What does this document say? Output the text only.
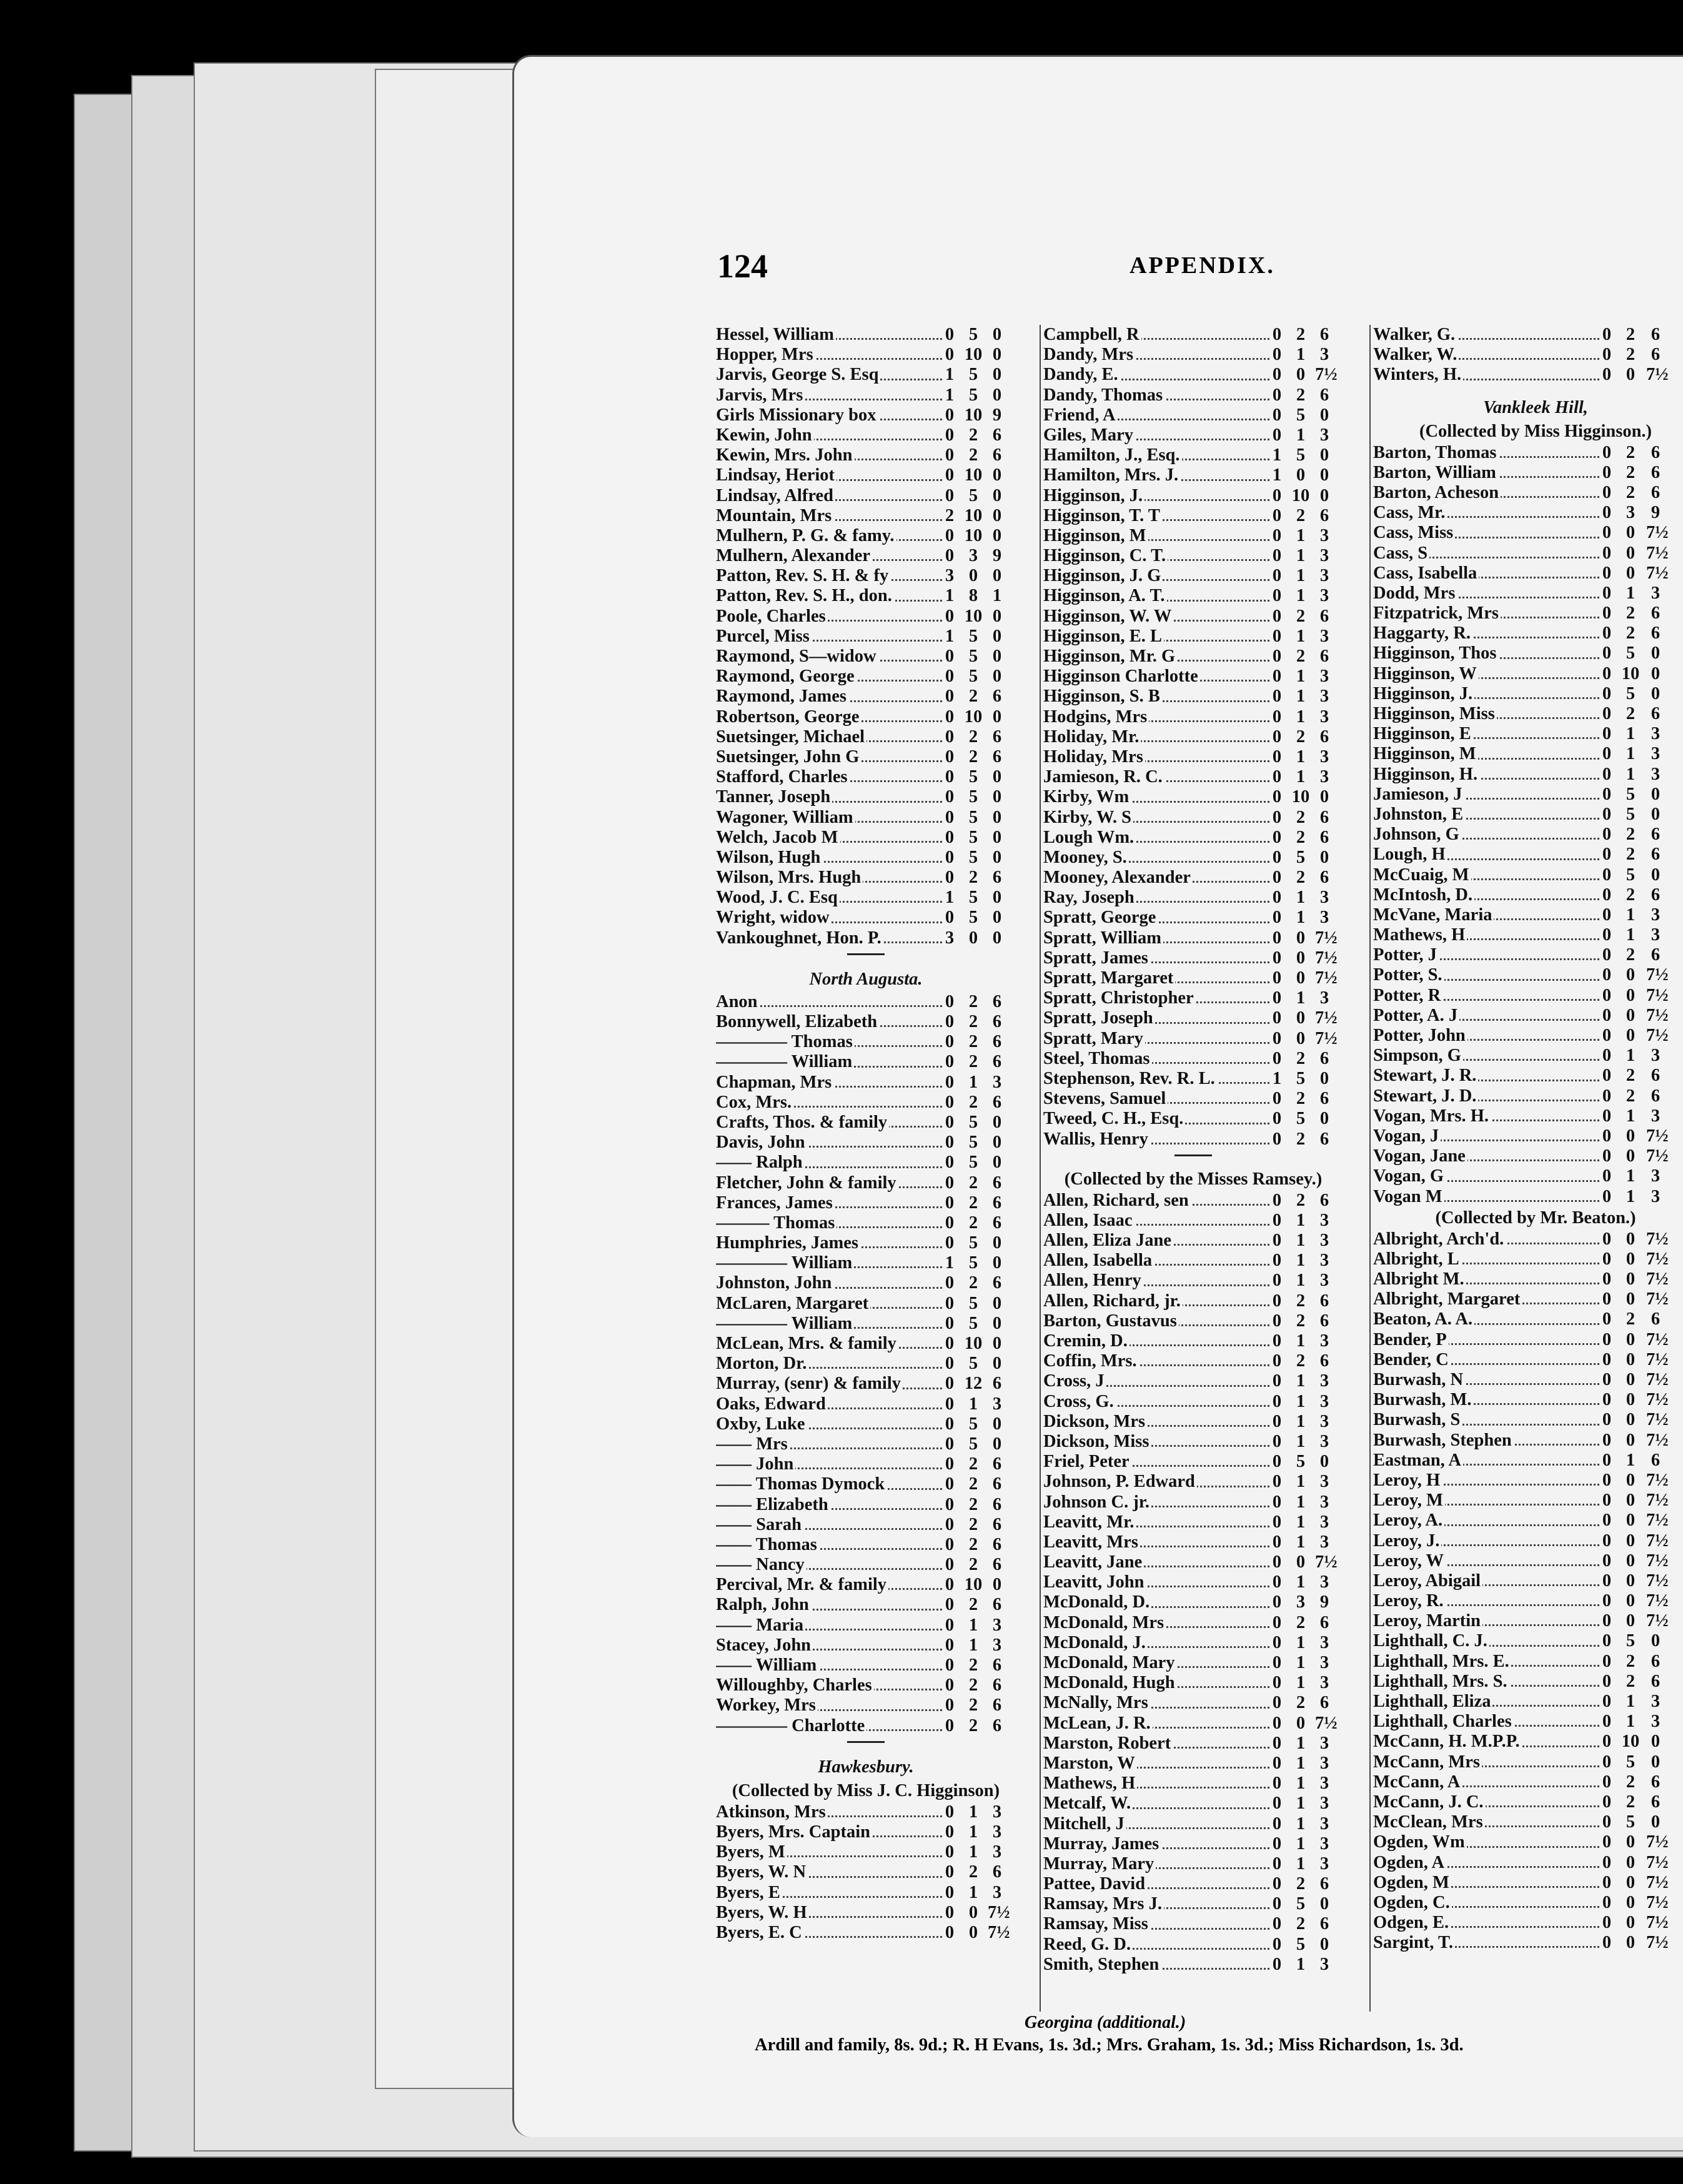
124	APPENDIX.
Hessel, William	0 5 0
Hopper, Mrs	0 10 0
Jarvis, George S. Esq	1 5 0
Jarvis, Mrs	1 5 0
Girls Missionary box	0 10 9
Kewin, John	0 2 6
Kewin, Mrs. John	0 2 6
Lindsay, Heriot	0 10 0
Lindsay, Alfred	0 5 0
Mountain, Mrs	2 10 0
Mulhern, P. G. & famy.	0 10 0
Mulhern, Alexander	0 3 9
Patton, Rev. S. H. & fy	3 0 0
Patton, Rev. S. H., don.	1 8 1
Poole, Charles	0 10 0
Purcel, Miss	1 5 0
Raymond, S—widow	0 5 0
Raymond, George	0 5 0
Raymond, James	0 2 6
Robertson, George	0 10 0
Suetsinger, Michael	0 2 6
Suetsinger, John G	0 2 6
Stafford, Charles	0 5 0
Tanner, Joseph	0 5 0
Wagoner, William	0 5 0
Welch, Jacob M	0 5 0
Wilson, Hugh	0 5 0
Wilson, Mrs. Hugh	0 2 6
Wood, J. C. Esq	1 5 0
Wright, widow	0 5 0
Vankoughnet, Hon. P.	3 0 0
North Augusta.
Anon	0 2 6
Bonnywell, Elizabeth	0 2 6
———— Thomas	0 2 6
———— William	0 2 6
Chapman, Mrs	0 1 3
Cox, Mrs.	0 2 6
Crafts, Thos. & family	0 5 0
Davis, John	0 5 0
—— Ralph	0 5 0
Fletcher, John & family	0 2 6
Frances, James	0 2 6
——— Thomas	0 2 6
Humphries, James	0 5 0
———— William	1 5 0
Johnston, John	0 2 6
McLaren, Margaret	0 5 0
———— William	0 5 0
McLean, Mrs. & family	0 10 0
Morton, Dr.	0 5 0
Murray, (senr) & family	0 12 6
Oaks, Edward	0 1 3
Oxby, Luke	0 5 0
—— Mrs	0 5 0
—— John	0 2 6
—— Thomas Dymock	0 2 6
—— Elizabeth	0 2 6
—— Sarah	0 2 6
—— Thomas	0 2 6
—— Nancy	0 2 6
Percival, Mr. & family	0 10 0
Ralph, John	0 2 6
—— Maria	0 1 3
Stacey, John	0 1 3
—— William	0 2 6
Willoughby, Charles	0 2 6
Workey, Mrs	0 2 6
———— Charlotte	0 2 6
Hawkesbury.
(Collected by Miss J. C. Higginson)
Atkinson, Mrs	0 1 3
Byers, Mrs. Captain	0 1 3
Byers, M	0 1 3
Byers, W. N	0 2 6
Byers, E	0 1 3
Byers, W. H	0 0 7½
Byers, E. C	0 0 7½
Campbell, R	0 2 6
Dandy, Mrs	0 1 3
Dandy, E.	0 0 7½
Dandy, Thomas	0 2 6
Friend, A	0 5 0
Giles, Mary	0 1 3
Hamilton, J., Esq.	1 5 0
Hamilton, Mrs. J.	1 0 0
Higginson, J.	0 10 0
Higginson, T. T	0 2 6
Higginson, M	0 1 3
Higginson, C. T.	0 1 3
Higginson, J. G	0 1 3
Higginson, A. T.	0 1 3
Higginson, W. W	0 2 6
Higginson, E. L	0 1 3
Higginson, Mr. G	0 2 6
Higginson Charlotte	0 1 3
Higginson, S. B	0 1 3
Hodgins, Mrs	0 1 3
Holiday, Mr.	0 2 6
Holiday, Mrs	0 1 3
Jamieson, R. C.	0 1 3
Kirby, Wm	0 10 0
Kirby, W. S	0 2 6
Lough Wm.	0 2 6
Mooney, S.	0 5 0
Mooney, Alexander	0 2 6
Ray, Joseph	0 1 3
Spratt, George	0 1 3
Spratt, William	0 0 7½
Spratt, James	0 0 7½
Spratt, Margaret	0 0 7½
Spratt, Christopher	0 1 3
Spratt, Joseph	0 0 7½
Spratt, Mary	0 0 7½
Steel, Thomas	0 2 6
Stephenson, Rev. R. L.	1 5 0
Stevens, Samuel	0 2 6
Tweed, C. H., Esq.	0 5 0
Wallis, Henry	0 2 6
(Collected by the Misses Ramsey.)
Allen, Richard, sen	0 2 6
Allen, Isaac	0 1 3
Allen, Eliza Jane	0 1 3
Allen, Isabella	0 1 3
Allen, Henry	0 1 3
Allen, Richard, jr.	0 2 6
Barton, Gustavus	0 2 6
Cremin, D.	0 1 3
Coffin, Mrs.	0 2 6
Cross, J	0 1 3
Cross, G.	0 1 3
Dickson, Mrs	0 1 3
Dickson, Miss	0 1 3
Friel, Peter	0 5 0
Johnson, P. Edward	0 1 3
Johnson C. jr.	0 1 3
Leavitt, Mr.	0 1 3
Leavitt, Mrs	0 1 3
Leavitt, Jane	0 0 7½
Leavitt, John	0 1 3
McDonald, D.	0 3 9
McDonald, Mrs	0 2 6
McDonald, J.	0 1 3
McDonald, Mary	0 1 3
McDonald, Hugh	0 1 3
McNally, Mrs	0 2 6
McLean, J. R.	0 0 7½
Marston, Robert	0 1 3
Marston, W	0 1 3
Mathews, H	0 1 3
Metcalf, W.	0 1 3
Mitchell, J	0 1 3
Murray, James	0 1 3
Murray, Mary	0 1 3
Pattee, David	0 2 6
Ramsay, Mrs J.	0 5 0
Ramsay, Miss	0 2 6
Reed, G. D.	0 5 0
Smith, Stephen	0 1 3
Walker, G.	0 2 6
Walker, W.	0 2 6
Winters, H.	0 0 7½
Vankleek Hill,
(Collected by Miss Higginson.)
Barton, Thomas	0 2 6
Barton, William	0 2 6
Barton, Acheson	0 2 6
Cass, Mr.	0 3 9
Cass, Miss	0 0 7½
Cass, S	0 0 7½
Cass, Isabella	0 0 7½
Dodd, Mrs	0 1 3
Fitzpatrick, Mrs	0 2 6
Haggarty, R.	0 2 6
Higginson, Thos	0 5 0
Higginson, W	0 10 0
Higginson, J.	0 5 0
Higginson, Miss	0 2 6
Higginson, E	0 1 3
Higginson, M	0 1 3
Higginson, H.	0 1 3
Jamieson, J	0 5 0
Johnston, E	0 5 0
Johnson, G	0 2 6
Lough, H	0 2 6
McCuaig, M	0 5 0
McIntosh, D.	0 2 6
McVane, Maria	0 1 3
Mathews, H	0 1 3
Potter, J	0 2 6
Potter, S.	0 0 7½
Potter, R	0 0 7½
Potter, A. J	0 0 7½
Potter, John	0 0 7½
Simpson, G	0 1 3
Stewart, J. R.	0 2 6
Stewart, J. D.	0 2 6
Vogan, Mrs. H.	0 1 3
Vogan, J	0 0 7½
Vogan, Jane	0 0 7½
Vogan, G	0 1 3
Vogan M	0 1 3
(Collected by Mr. Beaton.)
Albright, Arch'd.	0 0 7½
Albright, L	0 0 7½
Albright M.	0 0 7½
Albright, Margaret	0 0 7½
Beaton, A. A.	0 2 6
Bender, P	0 0 7½
Bender, C	0 0 7½
Burwash, N	0 0 7½
Burwash, M.	0 0 7½
Burwash, S	0 0 7½
Burwash, Stephen	0 0 7½
Eastman, A	0 1 6
Leroy, H	0 0 7½
Leroy, M	0 0 7½
Leroy, A.	0 0 7½
Leroy, J.	0 0 7½
Leroy, W	0 0 7½
Leroy, Abigail	0 0 7½
Leroy, R.	0 0 7½
Leroy, Martin	0 0 7½
Lighthall, C. J.	0 5 0
Lighthall, Mrs. E.	0 2 6
Lighthall, Mrs. S.	0 2 6
Lighthall, Eliza	0 1 3
Lighthall, Charles	0 1 3
McCann, H. M.P.P.	0 10 0
McCann, Mrs	0 5 0
McCann, A	0 2 6
McCann, J. C.	0 2 6
McClean, Mrs	0 5 0
Ogden, Wm	0 0 7½
Ogden, A	0 0 7½
Ogden, M	0 0 7½
Ogden, C.	0 0 7½
Odgen, E.	0 0 7½
Sargint, T.	0 0 7½
Georgina (additional.)
Ardill and family, 8s. 9d.; R. H Evans, 1s. 3d.; Mrs. Graham, 1s. 3d.; Miss Richardson, 1s. 3d.
